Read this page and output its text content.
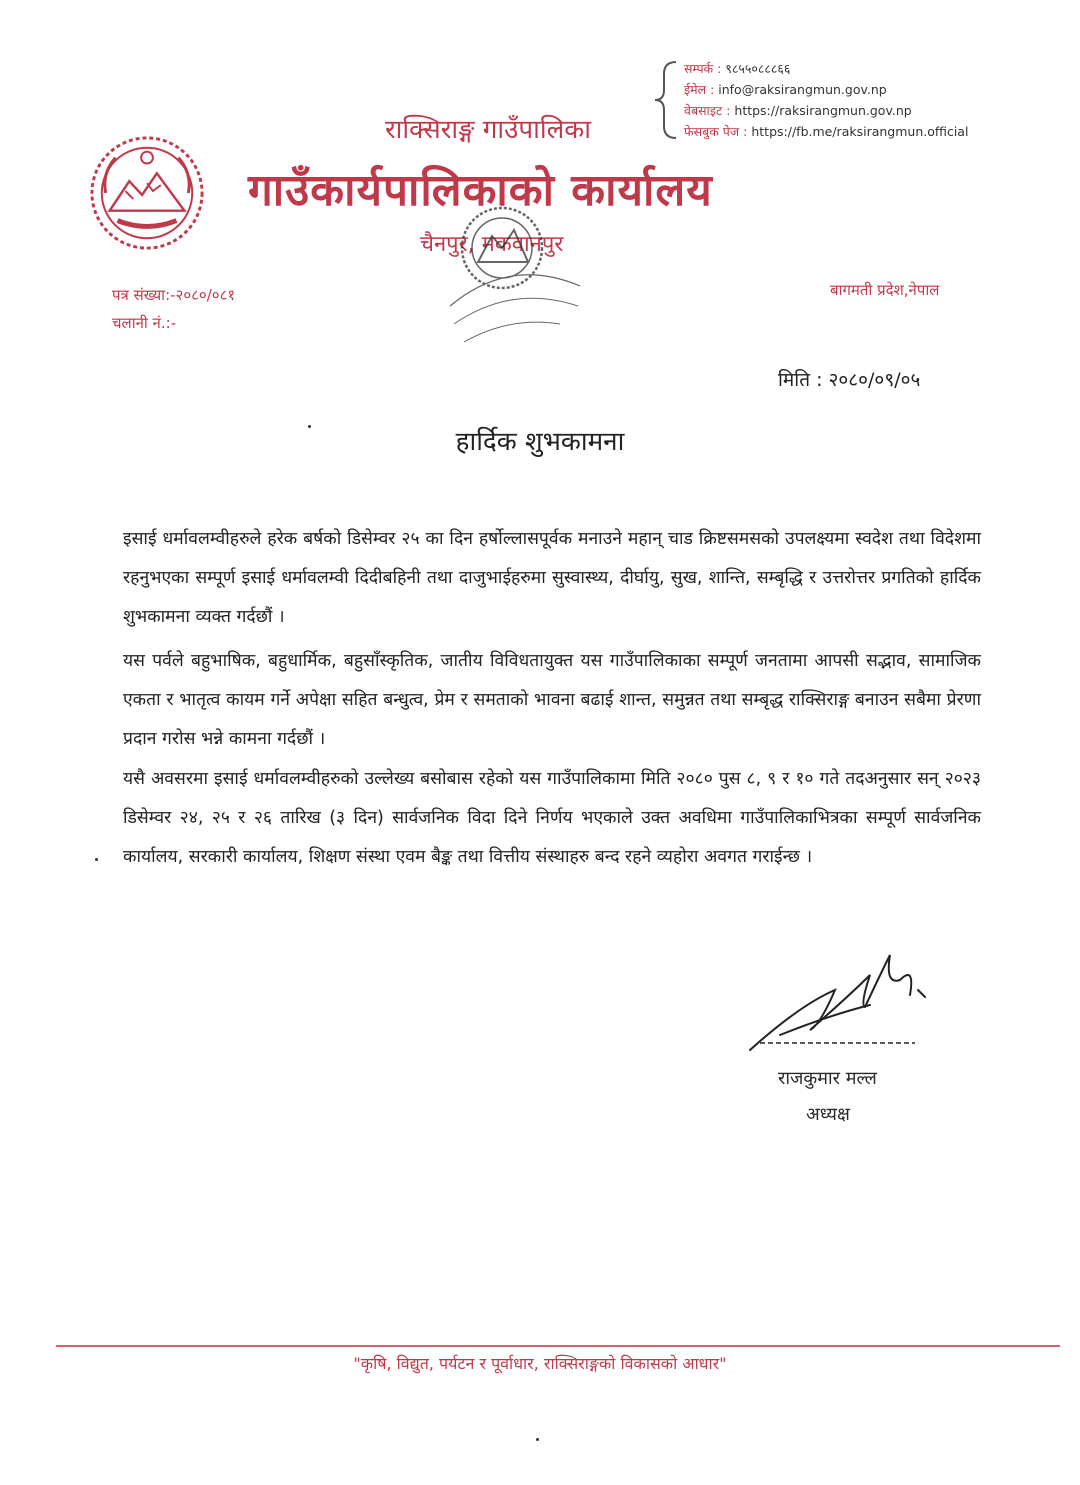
राक्सिराङ्ग गाउँपालिका
गाउँकार्यपालिकाको कार्यालय
चैनपुर, मकवानपुर
सम्पर्क : ९८५५०८८८६६
ईमेल : info@raksirangmun.gov.np
वेबसाइट : https://raksirangmun.gov.np
फेसबुक पेज : https://fb.me/raksirangmun.official
बागमती प्रदेश,नेपाल
पत्र संख्या:-२०८०/०८१
चलानी नं.:-
मिति : २०८०/०९/०५
हार्दिक शुभकामना
इसाई धर्मावलम्वीहरुले हरेक बर्षको डिसेम्वर २५ का दिन हर्षोल्लासपूर्वक मनाउने महान् चाड क्रिष्टसमसको उपलक्ष्यमा स्वदेश तथा विदेशमा रहनुभएका सम्पूर्ण इसाई धर्मावलम्वी दिदीबहिनी तथा दाजुभाईहरुमा सुस्वास्थ्य, दीर्घायु, सुख, शान्ति, सम्बृद्धि र उत्तरोत्तर प्रगतिको हार्दिक शुभकामना व्यक्त गर्दछौं ।
यस पर्वले बहुभाषिक, बहुधार्मिक, बहुसाँस्कृतिक, जातीय विविधतायुक्त यस गाउँपालिकाका सम्पूर्ण जनतामा आपसी सद्भाव, सामाजिक एकता र भातृत्व कायम गर्ने अपेक्षा सहित बन्धुत्व, प्रेम र समताको भावना बढाई शान्त, समुन्नत तथा सम्बृद्ध राक्सिराङ्ग बनाउन सबैमा प्रेरणा प्रदान गरोस भन्ने कामना गर्दछौं ।
यसै अवसरमा इसाई धर्मावलम्वीहरुको उल्लेख्य बसोबास रहेको यस गाउँपालिकामा मिति २०८० पुस ८, ९ र १० गते तदअनुसार सन् २०२३ डिसेम्वर २४, २५ र २६ तारिख (३ दिन) सार्वजनिक विदा दिने निर्णय भएकाले उक्त अवधिमा गाउँपालिकाभित्रका सम्पूर्ण सार्वजनिक कार्यालय, सरकारी कार्यालय, शिक्षण संस्था एवम बैङ्क तथा वित्तीय संस्थाहरु बन्द रहने व्यहोरा अवगत गराईन्छ ।
राजकुमार मल्ल
अध्यक्ष
"कृषि, विद्युत, पर्यटन र पूर्वाधार, राक्सिराङ्गको विकासको आधार"
